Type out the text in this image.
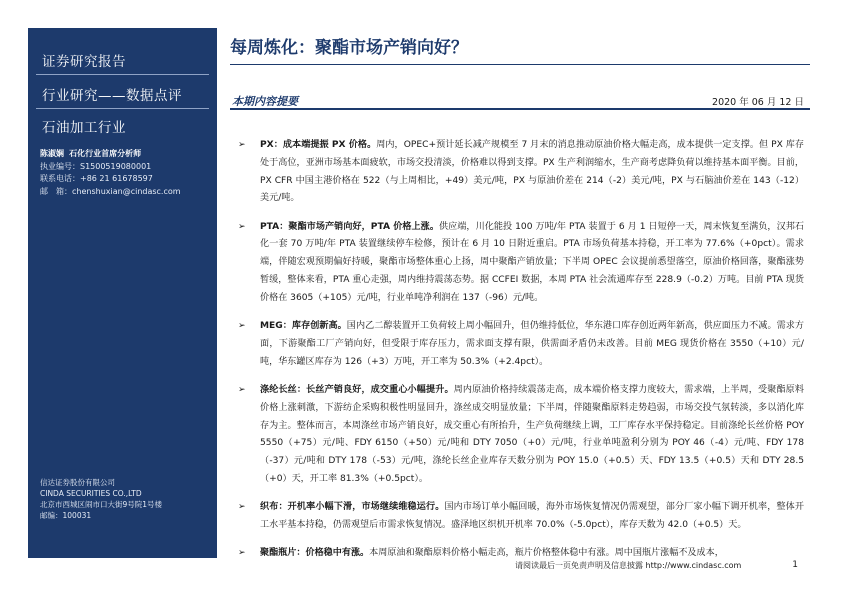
证券研究报告
行业研究——数据点评
石油加工行业
陈淑娴 石化行业首席分析师
执业编号：S1500519080001
联系电话：+86 21 61678597
邮　箱：chenshuxian@cindasc.com
信达证券股份有限公司
CINDA SECURITIES CO.,LTD
北京市西城区闹市口大街9号院1号楼
邮编：100031
每周炼化：聚酯市场产销向好？
本期内容提要	2020 年 06 月 12 日
➢ PX：成本端提振 PX 价格。周内，OPEC+预计延长减产规模至 7 月末的消息推动原油价格大幅走高，成本提供一定支撑。但 PX 库存处于高位，亚洲市场基本面疲软，市场交投清淡，价格难以得到支撑。PX 生产利润缩水，生产商考虑降负荷以维持基本面平衡。目前，PX CFR 中国主港价格在 522（与上周相比，+49）美元/吨，PX 与原油价差在 214（-2）美元/吨，PX 与石脑油价差在 143（-12）美元/吨。
➢ PTA：聚酯市场产销向好，PTA 价格上涨。供应端，川化能投 100 万吨/年 PTA 装置于 6 月 1 日短停一天，周末恢复至满负，汉邦石化一套 70 万吨/年 PTA 装置继续停车检修，预计在 6 月 10 日附近重启。PTA 市场负荷基本持稳，开工率为 77.6%（+0pct）。需求端，伴随宏观预期偏好持暖，聚酯市场整体重心上扬，周中聚酯产销放量；下半周 OPEC 会议提前悉望落空，原油价格回落，聚酯涨势暂缓，整体来看，PTA 重心走强，周内维持震荡态势。据 CCFEI 数据，本周 PTA 社会流通库存至 228.9（-0.2）万吨。目前 PTA 现货价格在 3605（+105）元/吨，行业单吨净利润在 137（-96）元/吨。
➢ MEG：库存创新高。国内乙二醇装置开工负荷较上周小幅回升，但仍维持低位，华东港口库存创近两年新高，供应面压力不减。需求方面，下游聚酯工厂产销向好，但受限于库存压力，需求面支撑有限，供需面矛盾仍未改善。目前 MEG 现货价格在 3550（+10）元/吨，华东罐区库存为 126（+3）万吨，开工率为 50.3%（+2.4pct）。
➢ 涤纶长丝：长丝产销良好，成交重心小幅提升。周内原油价格持续震荡走高，成本端价格支撑力度较大，需求端，上半周，受聚酯原料价格上涨刺激，下游纺企采购积极性明显回升，涤丝成交明显放量；下半周，伴随聚酯原料走势趋弱，市场交投气氛转淡，多以消化库存为主。整体而言，本周涤丝市场产销良好，成交重心有所抬升，生产负荷继续上调，工厂库存水平保持稳定。目前涤纶长丝价格 POY 5550（+75）元/吨、FDY 6150（+50）元/吨和 DTY 7050（+0）元/吨，行业单吨盈利分别为 POY 46（-4）元/吨、FDY 178（-37）元/吨和 DTY 178（-53）元/吨，涤纶长丝企业库存天数分别为 POY 15.0（+0.5）天、FDY 13.5（+0.5）天和 DTY 28.5（+0）天，开工率 81.3%（+0.5pct）。
➢ 织布：开机率小幅下滑，市场继续维稳运行。国内市场订单小幅回暖，海外市场恢复情况仍需观望，部分厂家小幅下调开机率，整体开工水平基本持稳，仍需观望后市需求恢复情况。盛泽地区织机开机率 70.0%（-5.0pct），库存天数为 42.0（+0.5）天。
➢ 聚酯瓶片：价格稳中有涨。本周原油和聚酯原料价格小幅走高，瓶片价格整体稳中有涨。周中国瓶片涨幅不及成本，
请阅读最后一页免责声明及信息披露 http://www.cindasc.com	1
